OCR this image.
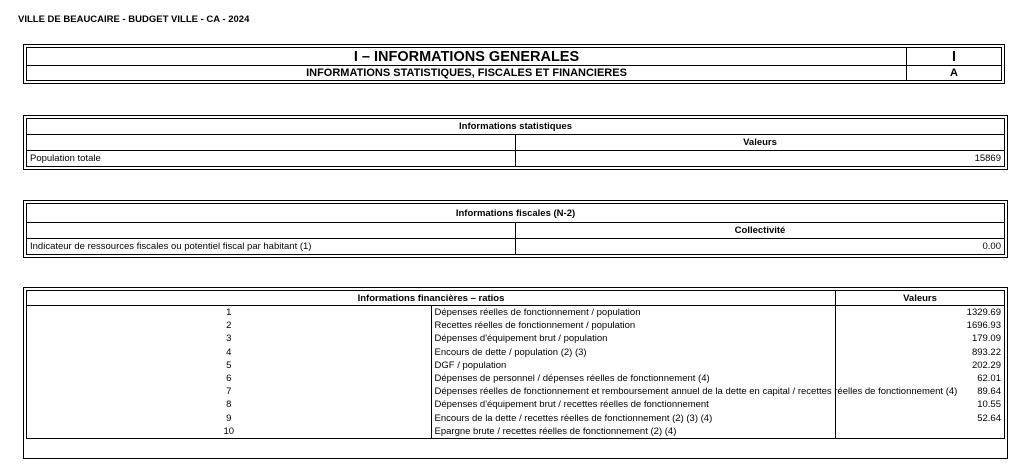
VILLE DE BEAUCAIRE - BUDGET VILLE - CA - 2024
I – INFORMATIONS GENERALES	I
INFORMATIONS STATISTIQUES, FISCALES ET FINANCIERES	A
Informations statistiques	
	Valeurs
Population totale	15869
Informations fiscales (N-2)	
	Collectivité
Indicateur de ressources fiscales ou potentiel fiscal par habitant (1)	0.00
Informations financières – ratios		Valeurs
1	Dépenses réelles de fonctionnement / population	1329.69
2	Recettes réelles de fonctionnement / population	1696.93
3	Dépenses d'équipement brut / population	179.09
4	Encours de dette / population (2) (3)	893.22
5	DGF / population	202.29
6	Dépenses de personnel / dépenses réelles de fonctionnement (4)	62.01
7	Dépenses réelles de fonctionnement et remboursement annuel de la dette en capital / recettes réelles de fonctionnement (4)	89.64
8	Dépenses d'équipement brut / recettes réelles de fonctionnement	10.55
9	Encours de la dette / recettes réelles de fonctionnement (2) (3) (4)	52.64
10	Epargne brute / recettes réelles de fonctionnement (2) (4)	
